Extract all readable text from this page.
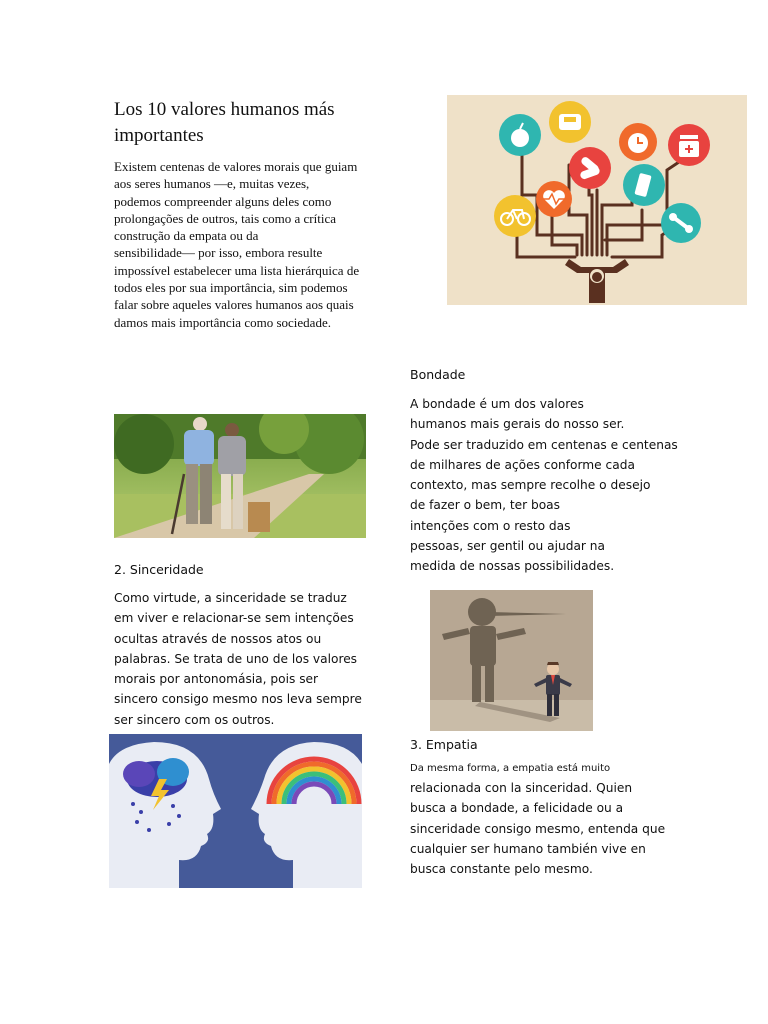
Los 10 valores humanos más
importantes

Existem centenas de valores morais que guiam
aos seres humanos —e, muitas vezes,
podemos compreender alguns deles como
prolongações de outros, tais como a crítica
construção da empata ou da
sensibilidade— por isso, embora resulte
impossível estabelecer uma lista hierárquica de
todos eles por sua importância, sim podemos
falar sobre aqueles valores humanos aos quais
damos mais importância como sociedade.

Bondade

A bondade é um dos valores
humanos mais gerais do nosso ser.
Pode ser traduzido em centenas e centenas
de milhares de ações conforme cada
contexto, mas sempre recolhe o desejo
de fazer o bem, ter boas
intenções com o resto das
pessoas, ser gentil ou ajudar na
medida de nossas possibilidades.

2. Sinceridade

Como virtude, a sinceridade se traduz
em viver e relacionar-se sem intenções
ocultas através de nossos atos ou
palabras. Se trata de uno de los valores
morais por antonomásia, pois ser
sincero consigo mesmo nos leva sempre
ser sincero com os outros.

3. Empatia

Da mesma forma, a empatia está muito

relacionada con la sinceridad. Quien
busca a bondade, a felicidade ou a
sinceridade consigo mesmo, entenda que
cualquier ser humano también vive en
busca constante pelo mesmo.
